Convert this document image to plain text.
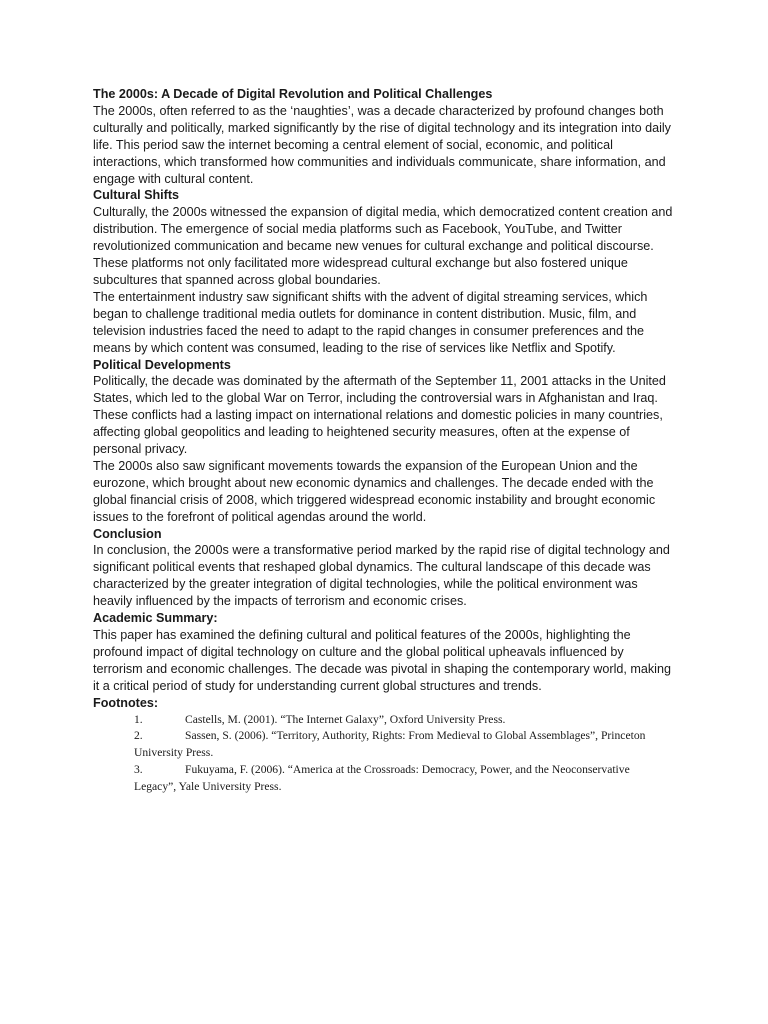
The 2000s: A Decade of Digital Revolution and Political Challenges

The 2000s, often referred to as the ‘naughties’, was a decade characterized by profound changes both culturally and politically, marked significantly by the rise of digital technology and its integration into daily life. This period saw the internet becoming a central element of social, economic, and political interactions, which transformed how communities and individuals communicate, share information, and engage with cultural content.

Cultural Shifts

Culturally, the 2000s witnessed the expansion of digital media, which democratized content creation and distribution. The emergence of social media platforms such as Facebook, YouTube, and Twitter revolutionized communication and became new venues for cultural exchange and political discourse. These platforms not only facilitated more widespread cultural exchange but also fostered unique subcultures that spanned across global boundaries.

The entertainment industry saw significant shifts with the advent of digital streaming services, which began to challenge traditional media outlets for dominance in content distribution. Music, film, and television industries faced the need to adapt to the rapid changes in consumer preferences and the means by which content was consumed, leading to the rise of services like Netflix and Spotify.

Political Developments

Politically, the decade was dominated by the aftermath of the September 11, 2001 attacks in the United States, which led to the global War on Terror, including the controversial wars in Afghanistan and Iraq. These conflicts had a lasting impact on international relations and domestic policies in many countries, affecting global geopolitics and leading to heightened security measures, often at the expense of personal privacy.

The 2000s also saw significant movements towards the expansion of the European Union and the eurozone, which brought about new economic dynamics and challenges. The decade ended with the global financial crisis of 2008, which triggered widespread economic instability and brought economic issues to the forefront of political agendas around the world.

Conclusion

In conclusion, the 2000s were a transformative period marked by the rapid rise of digital technology and significant political events that reshaped global dynamics. The cultural landscape of this decade was characterized by the greater integration of digital technologies, while the political environment was heavily influenced by the impacts of terrorism and economic crises.

Academic Summary:

This paper has examined the defining cultural and political features of the 2000s, highlighting the profound impact of digital technology on culture and the global political upheavals influenced by terrorism and economic challenges. The decade was pivotal in shaping the contemporary world, making it a critical period of study for understanding current global structures and trends.

Footnotes:
1.	Castells, M. (2001). “The Internet Galaxy”, Oxford University Press.
2.	Sassen, S. (2006). “Territory, Authority, Rights: From Medieval to Global Assemblages”, Princeton University Press.
3.	Fukuyama, F. (2006). “America at the Crossroads: Democracy, Power, and the Neoconservative Legacy”, Yale University Press.
